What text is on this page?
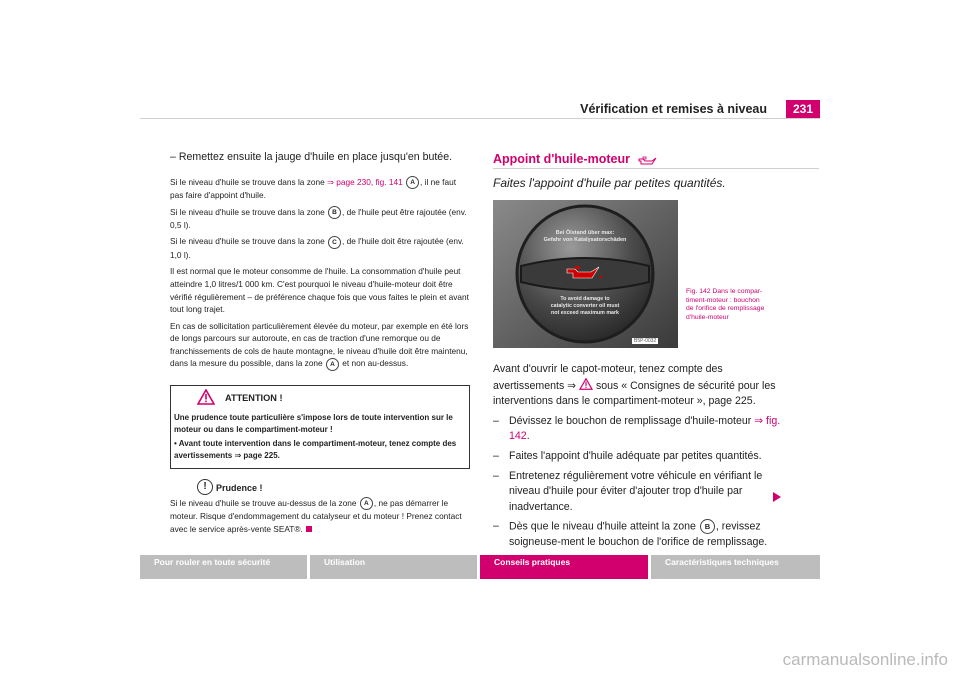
Vérification et remises à niveau	231
– Remettez ensuite la jauge d'huile en place jusqu'en butée.

Si le niveau d'huile se trouve dans la zone ⇒ page 230, fig. 141 A , il ne faut pas faire d'appoint d'huile.

Si le niveau d'huile se trouve dans la zone B , de l'huile peut être rajoutée (env. 0,5 l).

Si le niveau d'huile se trouve dans la zone C , de l'huile doit être rajoutée (env. 1,0 l).

Il est normal que le moteur consomme de l'huile. La consommation d'huile peut atteindre 1,0 litres/1 000 km. C'est pourquoi le niveau d'huile-moteur doit être vérifié régulièrement – de préférence chaque fois que vous faites le plein et avant tout long trajet.

En cas de sollicitation particulièrement élevée du moteur, par exemple en été lors de longs parcours sur autoroute, en cas de traction d'une remorque ou de franchissements de cols de haute montagne, le niveau d'huile doit être maintenu, dans la mesure du possible, dans la zone A et non au-dessus.

ATTENTION !
Une prudence toute particulière s'impose lors de toute intervention sur le moteur ou dans le compartiment-moteur !
• Avant toute intervention dans le compartiment-moteur, tenez compte des avertissements ⇒ page 225.
!	Prudence !

Si le niveau d'huile se trouve au-dessus de la zone A , ne pas démarrer le moteur. Risque d'endommagement du catalyseur et du moteur ! Prenez contact avec le service après-vente SEAT®.

Appoint d'huile-moteur
Faites l'appoint d'huile par petites quantités.
Bei Ölstand über max:
Gefahr von Katalysatorschäden
To avoid damage to
catalytic converter oil must
not exceed maximum mark
B5P-0032
Fig. 142 Dans le compar-timent-moteur : bouchon de l'orifice de remplissage d'huile-moteur
Avant d'ouvrir le capot-moteur, tenez compte des avertissements ⇒  sous « Consignes de sécurité pour les interventions dans le compartiment-moteur », page 225.
– Dévissez le bouchon de remplissage d'huile-moteur ⇒ fig. 142.
– Faites l'appoint d'huile adéquate par petites quantités.
– Entretenez régulièrement votre véhicule en vérifiant le niveau d'huile pour éviter d'ajouter trop d'huile par inadvertance.
– Dès que le niveau d'huile atteint la zone B , revissez soigneuse-ment le bouchon de l'orifice de remplissage.
Pour rouler en toute sécurité	Utilisation	Conseils pratiques	Caractéristiques techniques
carmanualsonline.info
